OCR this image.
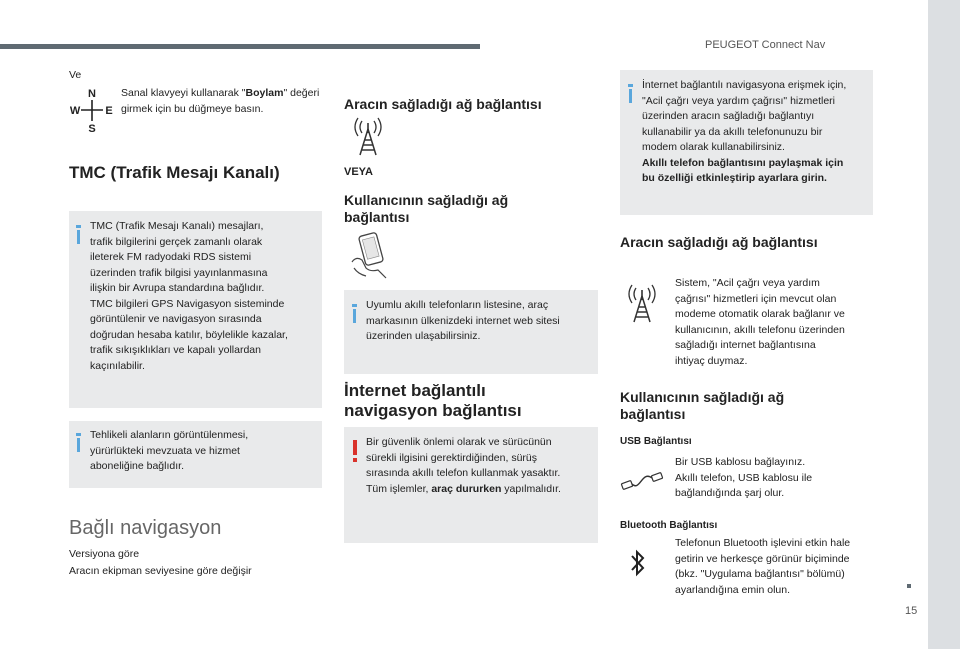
PEUGEOT Connect Nav
15
Ve
N
W E
S
Sanal klavyeyi kullanarak "Boylam" değeri girmek için bu düğmeye basın.
TMC (Trafik Mesajı Kanalı)
TMC (Trafik Mesajı Kanalı) mesajları,
trafik bilgilerini gerçek zamanlı olarak
ileterek FM radyodaki RDS sistemi
üzerinden trafik bilgisi yayınlanmasına
ilişkin bir Avrupa standardına bağlıdır.
TMC bilgileri GPS Navigasyon sisteminde
görüntülenir ve navigasyon sırasında
doğrudan hesaba katılır, böylelikle kazalar,
trafik sıkışıklıkları ve kapalı yollardan
kaçınılabilir.
Tehlikeli alanların görüntülenmesi,
yürürlükteki mevzuata ve hizmet
aboneliğine bağlıdır.
Bağlı navigasyon
Versiyona göre
Aracın ekipman seviyesine göre değişir
Aracın sağladığı ağ bağlantısı
VEYA
Kullanıcının sağladığı ağ
bağlantısı
Uyumlu akıllı telefonların listesine, araç
markasının ülkenizdeki internet web sitesi
üzerinden ulaşabilirsiniz.
İnternet bağlantılı
navigasyon bağlantısı
Bir güvenlik önlemi olarak ve sürücünün
sürekli ilgisini gerektirdiğinden, sürüş
sırasında akıllı telefon kullanmak yasaktır.
Tüm işlemler, araç dururken yapılmalıdır.
İnternet bağlantılı navigasyona erişmek için,
"Acil çağrı veya yardım çağrısı" hizmetleri
üzerinden aracın sağladığı bağlantıyı
kullanabilir ya da akıllı telefonunuzu bir
modem olarak kullanabilirsiniz.
Akıllı telefon bağlantısını paylaşmak için
bu özelliği etkinleştirip ayarlara girin.
Aracın sağladığı ağ bağlantısı
Sistem, "Acil çağrı veya yardım
çağrısı" hizmetleri için mevcut olan
modeme otomatik olarak bağlanır ve
kullanıcının, akıllı telefonu üzerinden
sağladığı internet bağlantısına
ihtiyaç duymaz.
Kullanıcının sağladığı ağ
bağlantısı
USB Bağlantısı
Bir USB kablosu bağlayınız.
Akıllı telefon, USB kablosu ile
bağlandığında şarj olur.
Bluetooth Bağlantısı
Telefonun Bluetooth işlevini etkin hale
getirin ve herkesçe görünür biçiminde
(bkz. "Uygulama bağlantısı" bölümü)
ayarlandığına emin olun.
